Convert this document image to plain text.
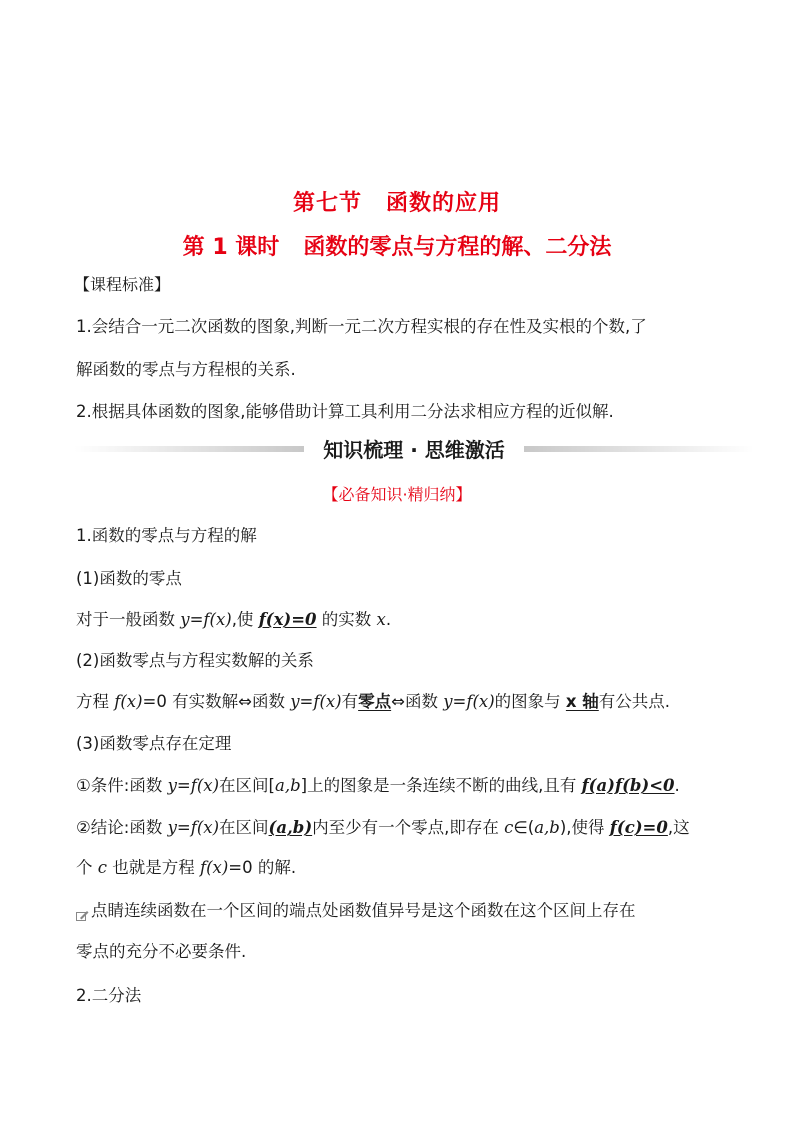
第七节 函数的应用
第 1 课时 函数的零点与方程的解、二分法
【课程标准】
1.会结合一元二次函数的图象,判断一元二次方程实根的存在性及实根的个数,了
解函数的零点与方程根的关系.
2.根据具体函数的图象,能够借助计算工具利用二分法求相应方程的近似解.
知识梳理 · 思维激活
【必备知识·精归纳】
1.函数的零点与方程的解
(1)函数的零点
对于一般函数 y=f(x),使 f(x)=0 的实数 x.
(2)函数零点与方程实数解的关系
方程 f(x)=0 有实数解⇔函数 y=f(x)有零点⇔函数 y=f(x)的图象与 x 轴有公共点.
(3)函数零点存在定理
①条件:函数 y=f(x)在区间[a,b]上的图象是一条连续不断的曲线,且有 f(a)f(b)<0.
②结论:函数 y=f(x)在区间(a,b)内至少有一个零点,即存在 c∈(a,b),使得 f(c)=0,这
个 c 也就是方程 f(x)=0 的解.
点睛连续函数在一个区间的端点处函数值异号是这个函数在这个区间上存在
零点的充分不必要条件.
2.二分法
